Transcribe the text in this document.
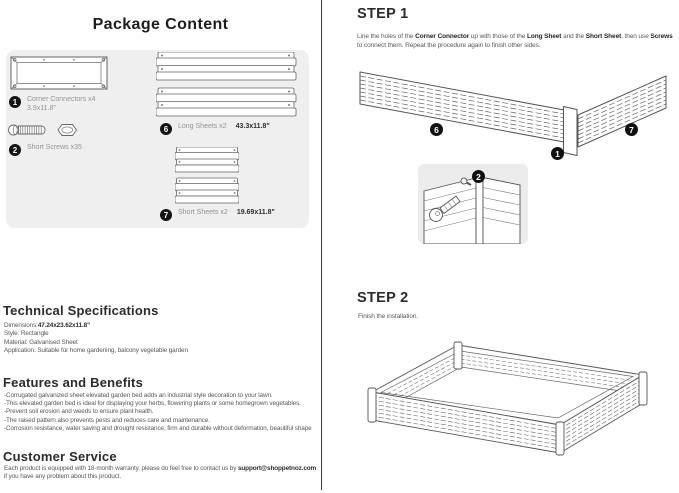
Package Content
1	Corner Connectors x4
3.9x11.8"
2	Short Screws x35
6	Long Sheets x2 43.3x11.8"
7	Short Sheets x2 19.69x11.8"
Technical Specifications
Dimensions:47.24x23.62x11.8"
Style: Rectangle
Material: Galvanised Sheet
Application: Suitable for home gardening, balcony vegetable garden
Features and Benefits
-Corrugated galvanized sheet elevated garden bed adds an industrial style decoration to your lawn.
-This elevated garden bed is ideal for displaying your herbs, flowering plants or some homegrown vegetables.
-Prevent soil erosion and weeds to ensure plant health.
-The raised pattern also prevents pests and reduces care and maintenance.
-Corrosion resistance, water saving and drought resistance, firm and durable without deformation, beautiful shape
Customer Service
Each product is equipped with 18-month warranty, please do feel free to contact us by support@shoppetnoz.com
if you have any problem about this product.
STEP 1
Line the holes of the Corner Connector up with those of the Long Sheet and the Short Sheet, then use Screws
to connect them. Repeat the procedure again to finish other sides.
6
1
7
2
STEP 2
Finish the installation.
